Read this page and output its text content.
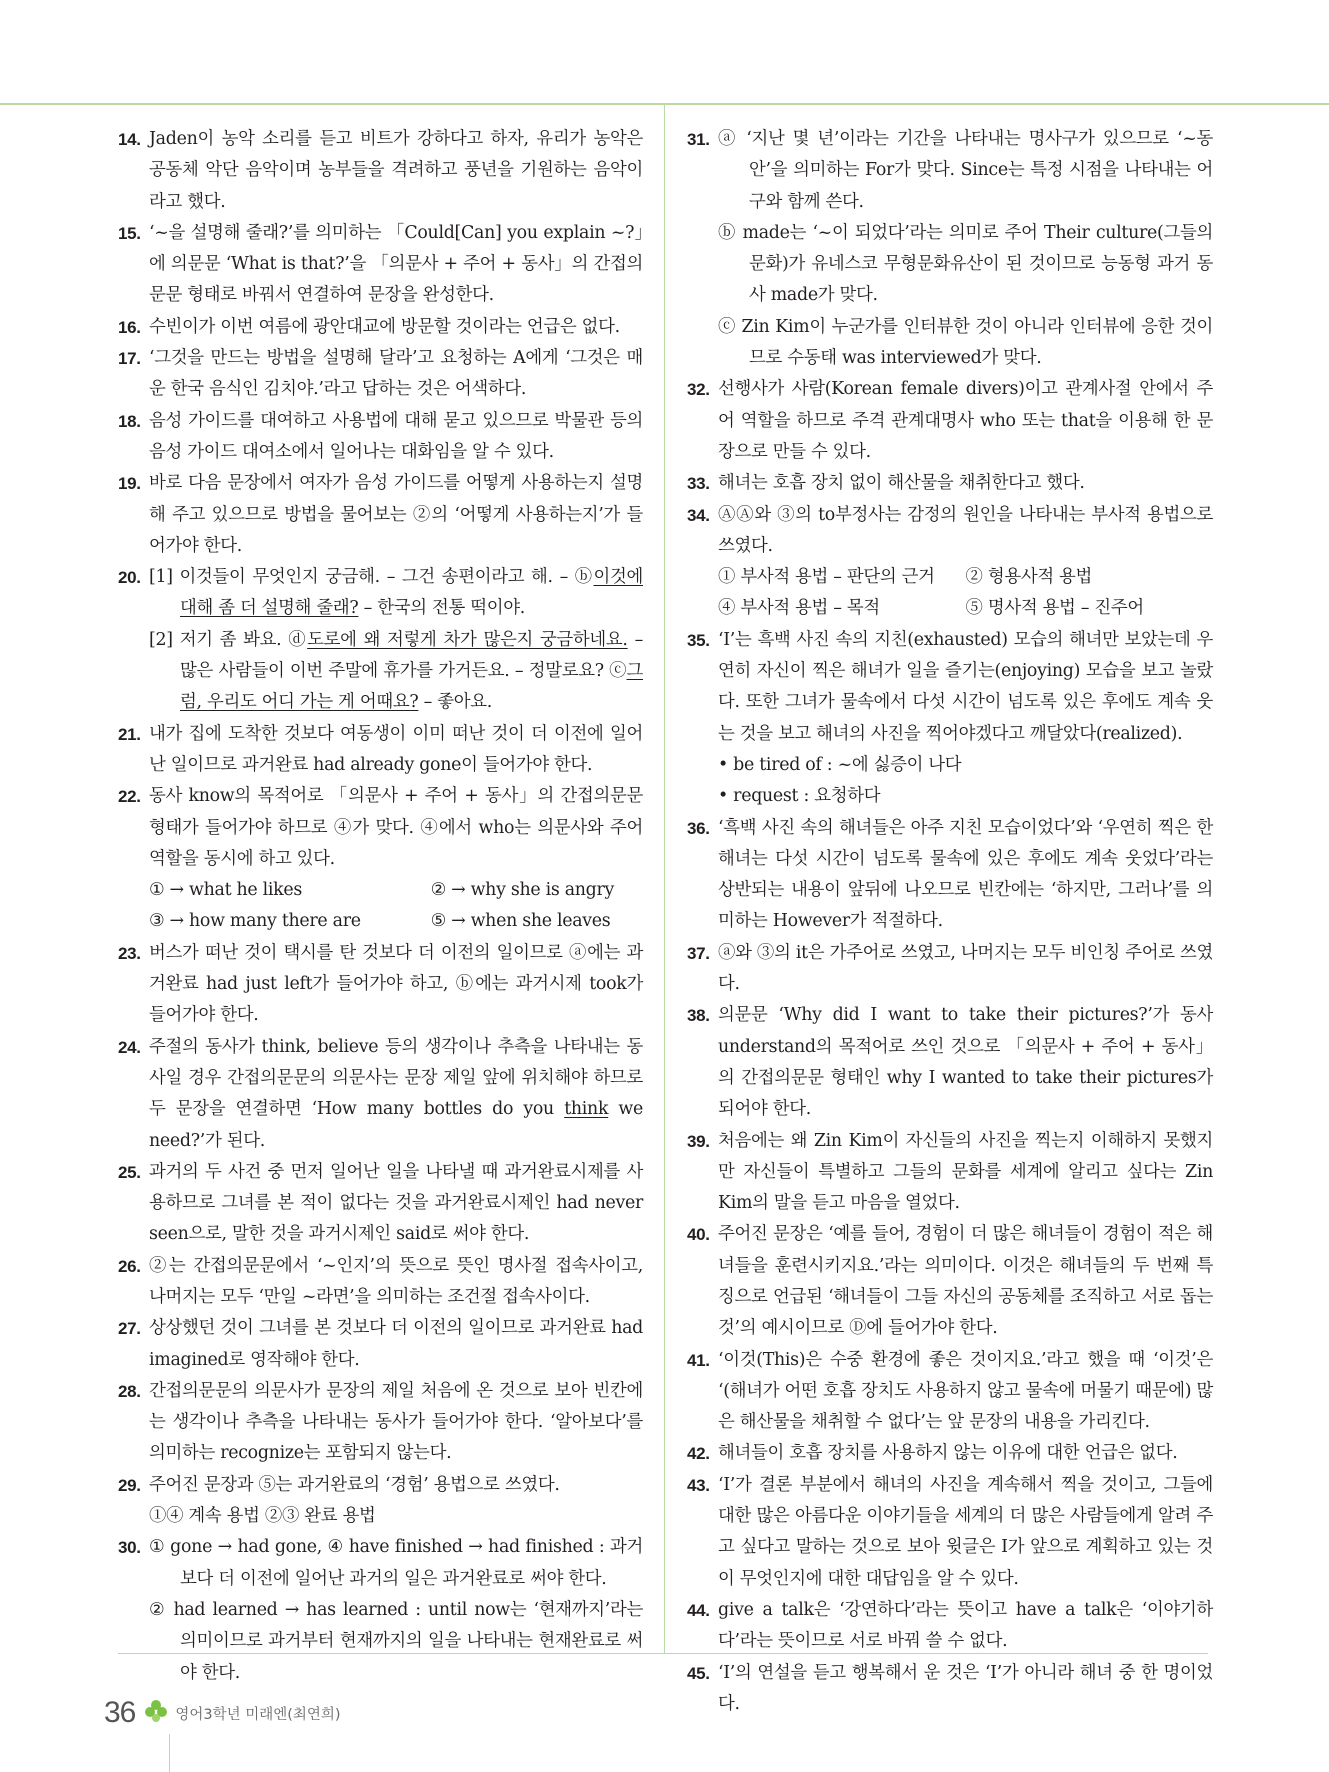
14. Jaden이 농악 소리를 듣고 비트가 강하다고 하자, 유리가 농악은 공동체 악단 음악이며 농부들을 격려하고 풍년을 기원하는 음악이라고 했다.
15. ‘~을 설명해 줄래?’를 의미하는 「Could[Can] you explain ~?」에 의문문 ‘What is that?’을 「의문사 + 주어 + 동사」의 간접의문문 형태로 바꿔서 연결하여 문장을 완성한다.
16. 수빈이가 이번 여름에 광안대교에 방문할 것이라는 언급은 없다.
17. ‘그것을 만드는 방법을 설명해 달라’고 요청하는 A에게 ‘그것은 매운 한국 음식인 김치야.’라고 답하는 것은 어색하다.
18. 음성 가이드를 대여하고 사용법에 대해 묻고 있으므로 박물관 등의 음성 가이드 대여소에서 일어나는 대화임을 알 수 있다.
19. 바로 다음 문장에서 여자가 음성 가이드를 어떻게 사용하는지 설명해 주고 있으므로 방법을 물어보는 ②의 ‘어떻게 사용하는지’가 들어가야 한다.
20. [1] 이것들이 무엇인지 궁금해. – 그건 송편이라고 해. – ⓑ이것에 대해 좀 더 설명해 줄래? – 한국의 전통 떡이야.
[2] 저기 좀 봐요. ⓓ도로에 왜 저렇게 차가 많은지 궁금하네요. – 많은 사람들이 이번 주말에 휴가를 가거든요. – 정말로요? ⓒ그럼, 우리도 어디 가는 게 어때요? – 좋아요.
21. 내가 집에 도착한 것보다 여동생이 이미 떠난 것이 더 이전에 일어난 일이므로 과거완료 had already gone이 들어가야 한다.
22. 동사 know의 목적어로 「의문사 + 주어 + 동사」의 간접의문문 형태가 들어가야 하므로 ④가 맞다. ④에서 who는 의문사와 주어 역할을 동시에 하고 있다.
① → what he likes	② → why she is angry
③ → how many there are	⑤ → when she leaves
23. 버스가 떠난 것이 택시를 탄 것보다 더 이전의 일이므로 ⓐ에는 과거완료 had just left가 들어가야 하고, ⓑ에는 과거시제 took가 들어가야 한다.
24. 주절의 동사가 think, believe 등의 생각이나 추측을 나타내는 동사일 경우 간접의문문의 의문사는 문장 제일 앞에 위치해야 하므로 두 문장을 연결하면 ‘How many bottles do you think we need?’가 된다.
25. 과거의 두 사건 중 먼저 일어난 일을 나타낼 때 과거완료시제를 사용하므로 그녀를 본 적이 없다는 것을 과거완료시제인 had never seen으로, 말한 것을 과거시제인 said로 써야 한다.
26. ②는 간접의문문에서 ‘~인지’의 뜻으로 뜻인 명사절 접속사이고, 나머지는 모두 ‘만일 ~라면’을 의미하는 조건절 접속사이다.
27. 상상했던 것이 그녀를 본 것보다 더 이전의 일이므로 과거완료 had imagined로 영작해야 한다.
28. 간접의문문의 의문사가 문장의 제일 처음에 온 것으로 보아 빈칸에는 생각이나 추측을 나타내는 동사가 들어가야 한다. ‘알아보다’를 의미하는 recognize는 포함되지 않는다.
29. 주어진 문장과 ⑤는 과거완료의 ‘경험’ 용법으로 쓰였다.
①④ 계속 용법 ②③ 완료 용법
30. ① gone → had gone, ④ have finished → had finished : 과거보다 더 이전에 일어난 과거의 일은 과거완료로 써야 한다.
② had learned → has learned : until now는 ‘현재까지’라는 의미이므로 과거부터 현재까지의 일을 나타내는 현재완료로 써야 한다.
31. ⓐ ‘지난 몇 년’이라는 기간을 나타내는 명사구가 있으므로 ‘~동안’을 의미하는 For가 맞다. Since는 특정 시점을 나타내는 어구와 함께 쓴다.
ⓑ made는 ‘~이 되었다’라는 의미로 주어 Their culture(그들의 문화)가 유네스코 무형문화유산이 된 것이므로 능동형 과거 동사 made가 맞다.
ⓒ Zin Kim이 누군가를 인터뷰한 것이 아니라 인터뷰에 응한 것이므로 수동태 was interviewed가 맞다.
32. 선행사가 사람(Korean female divers)이고 관계사절 안에서 주어 역할을 하므로 주격 관계대명사 who 또는 that을 이용해 한 문장으로 만들 수 있다.
33. 해녀는 호흡 장치 없이 해산물을 채취한다고 했다.
34. ⒶⒶ와 ③의 to부정사는 감정의 원인을 나타내는 부사적 용법으로 쓰였다.
① 부사적 용법 – 판단의 근거	② 형용사적 용법
④ 부사적 용법 – 목적	⑤ 명사적 용법 – 진주어
35. ‘I’는 흑백 사진 속의 지친(exhausted) 모습의 해녀만 보았는데 우연히 자신이 찍은 해녀가 일을 즐기는(enjoying) 모습을 보고 놀랐다. 또한 그녀가 물속에서 다섯 시간이 넘도록 있은 후에도 계속 웃는 것을 보고 해녀의 사진을 찍어야겠다고 깨달았다(realized).
• be tired of : ~에 싫증이 나다
• request : 요청하다
36. ‘흑백 사진 속의 해녀들은 아주 지친 모습이었다’와 ‘우연히 찍은 한 해녀는 다섯 시간이 넘도록 물속에 있은 후에도 계속 웃었다’라는 상반되는 내용이 앞뒤에 나오므로 빈칸에는 ‘하지만, 그러나’를 의미하는 However가 적절하다.
37. ⓐ와 ③의 it은 가주어로 쓰였고, 나머지는 모두 비인칭 주어로 쓰였다.
38. 의문문 ‘Why did I want to take their pictures?’가 동사 understand의 목적어로 쓰인 것으로 「의문사 + 주어 + 동사」의 간접의문문 형태인 why I wanted to take their pictures가 되어야 한다.
39. 처음에는 왜 Zin Kim이 자신들의 사진을 찍는지 이해하지 못했지만 자신들이 특별하고 그들의 문화를 세계에 알리고 싶다는 Zin Kim의 말을 듣고 마음을 열었다.
40. 주어진 문장은 ‘예를 들어, 경험이 더 많은 해녀들이 경험이 적은 해녀들을 훈련시키지요.’라는 의미이다. 이것은 해녀들의 두 번째 특징으로 언급된 ‘해녀들이 그들 자신의 공동체를 조직하고 서로 돕는 것’의 예시이므로 Ⓓ에 들어가야 한다.
41. ‘이것(This)은 수중 환경에 좋은 것이지요.’라고 했을 때 ‘이것’은 ‘(해녀가 어떤 호흡 장치도 사용하지 않고 물속에 머물기 때문에) 많은 해산물을 채취할 수 없다’는 앞 문장의 내용을 가리킨다.
42. 해녀들이 호흡 장치를 사용하지 않는 이유에 대한 언급은 없다.
43. ‘I’가 결론 부분에서 해녀의 사진을 계속해서 찍을 것이고, 그들에 대한 많은 아름다운 이야기들을 세계의 더 많은 사람들에게 알려 주고 싶다고 말하는 것으로 보아 윗글은 I가 앞으로 계획하고 있는 것이 무엇인지에 대한 대답임을 알 수 있다.
44. give a talk은 ‘강연하다’라는 뜻이고 have a talk은 ‘이야기하다’라는 뜻이므로 서로 바꿔 쓸 수 없다.
45. ‘I’의 연설을 듣고 행복해서 운 것은 ‘I’가 아니라 해녀 중 한 명이었다.
36	영어3학년 미래엔(최연희)
